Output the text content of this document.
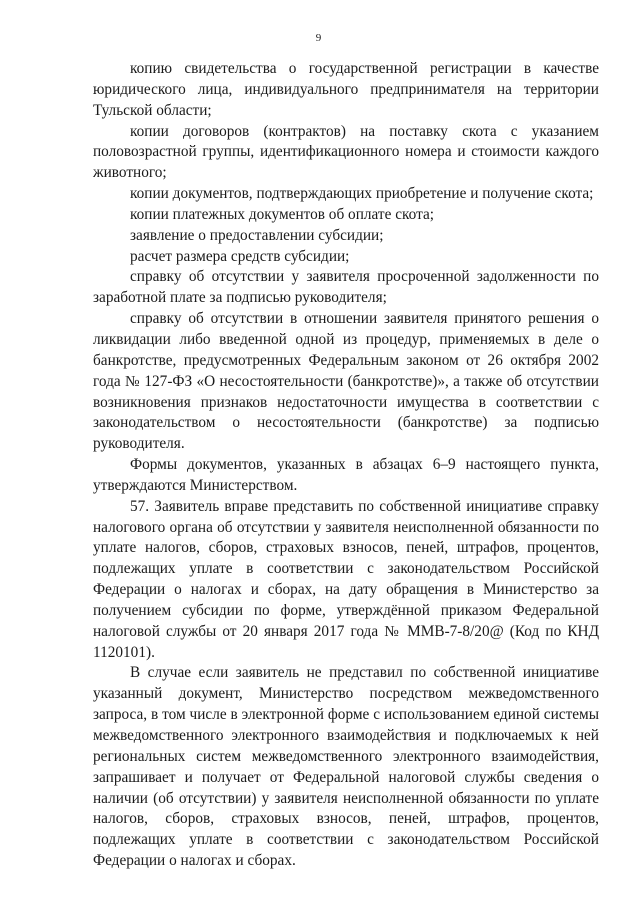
9

копию свидетельства о государственной регистрации в качестве юридического лица, индивидуального предпринимателя на территории Тульской области;

копии договоров (контрактов) на поставку скота с указанием половозрастной группы, идентификационного номера и стоимости каждого животного;

копии документов, подтверждающих приобретение и получение скота;

копии платежных документов об оплате скота;

заявление о предоставлении субсидии;

расчет размера средств субсидии;

справку об отсутствии у заявителя просроченной задолженности по заработной плате за подписью руководителя;

справку об отсутствии в отношении заявителя принятого решения о ликвидации либо введенной одной из процедур, применяемых в деле о банкротстве, предусмотренных Федеральным законом от 26 октября 2002 года № 127-ФЗ «О несостоятельности (банкротстве)», а также об отсутствии возникновения признаков недостаточности имущества в соответствии с законодательством о несостоятельности (банкротстве) за подписью руководителя.

Формы документов, указанных в абзацах 6–9 настоящего пункта, утверждаются Министерством.

57. Заявитель вправе представить по собственной инициативе справку налогового органа об отсутствии у заявителя неисполненной обязанности по уплате налогов, сборов, страховых взносов, пеней, штрафов, процентов, подлежащих уплате в соответствии с законодательством Российской Федерации о налогах и сборах, на дату обращения в Министерство за получением субсидии по форме, утверждённой приказом Федеральной налоговой службы от 20 января 2017 года № ММВ-7-8/20@ (Код по КНД 1120101).

В случае если заявитель не представил по собственной инициативе указанный документ, Министерство посредством межведомственного запроса, в том числе в электронной форме с использованием единой системы межведомственного электронного взаимодействия и подключаемых к ней региональных систем межведомственного электронного взаимодействия, запрашивает и получает от Федеральной налоговой службы сведения о наличии (об отсутствии) у заявителя неисполненной обязанности по уплате налогов, сборов, страховых взносов, пеней, штрафов, процентов, подлежащих уплате в соответствии с законодательством Российской Федерации о налогах и сборах.
